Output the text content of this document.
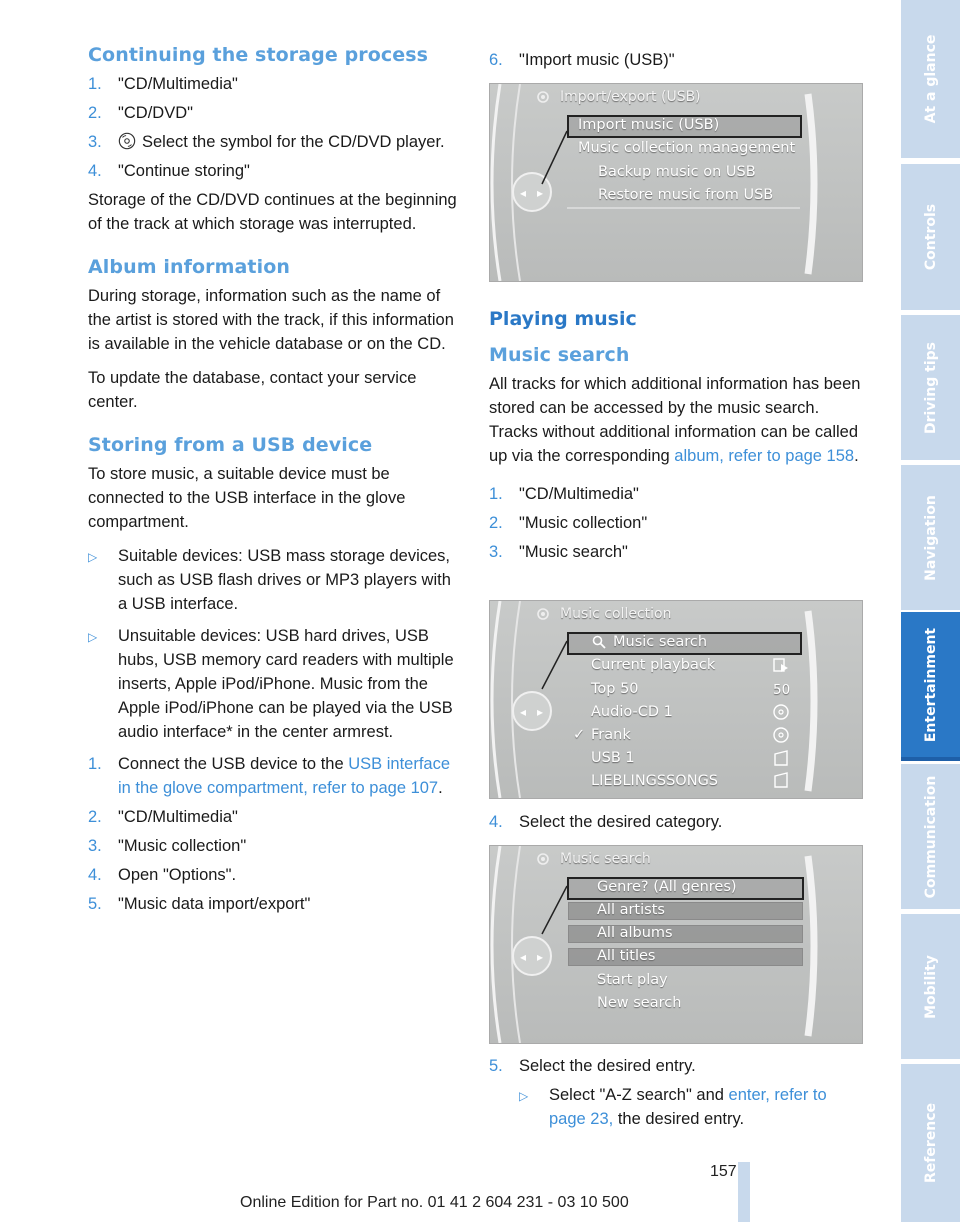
Continuing the storage process
1. "CD/Multimedia"
2. "CD/DVD"
3.	Select the symbol for the CD/DVD player.
4. "Continue storing"

Storage of the CD/DVD continues at the beginning of the track at which storage was interrupted.

Album information

During storage, information such as the name of the artist is stored with the track, if this information is available in the vehicle database or on the CD.

To update the database, contact your service center.

Storing from a USB device

To store music, a suitable device must be connected to the USB interface in the glove compartment.

▷	Suitable devices: USB mass storage devices, such as USB flash drives or MP3 players with a USB interface.
▷	Unsuitable devices: USB hard drives, USB hubs, USB memory card readers with multiple inserts, Apple iPod/iPhone. Music from the Apple iPod/iPhone can be played via the USB audio interface* in the center armrest.
1. Connect the USB device to the USB interface in the glove compartment, refer to page 107.
2. "CD/Multimedia"
3. "Music collection"
4. Open "Options".
5. "Music data import/export"
6. "Import music (USB)"
◂ ▸
Import/export (USB)
Import music (USB)
Music collection management
Backup music on USB
Restore music from USB
Playing music
Music search

All tracks for which additional information has been stored can be accessed by the music search. Tracks without additional information can be called up via the corresponding album, refer to page 158.

1. "CD/Multimedia"
2. "Music collection"
3. "Music search"
◂ ▸
Music collection
Music search
Current playback
Top 50	50
Audio-CD 1
✓ Frank
USB 1
LIEBLINGSSONGS
4. Select the desired category.
◂ ▸
Music search
Genre? (All genres)
All artists
All albums
All titles
Start play
New search
5. Select the desired entry.
▷	Select "A-Z search" and enter, refer to page 23, the desired entry.
At a glance
Controls
Driving tips
Navigation
Entertainment
Communication
Mobility
Reference
157
Online Edition for Part no. 01 41 2 604 231 - 03 10 500
